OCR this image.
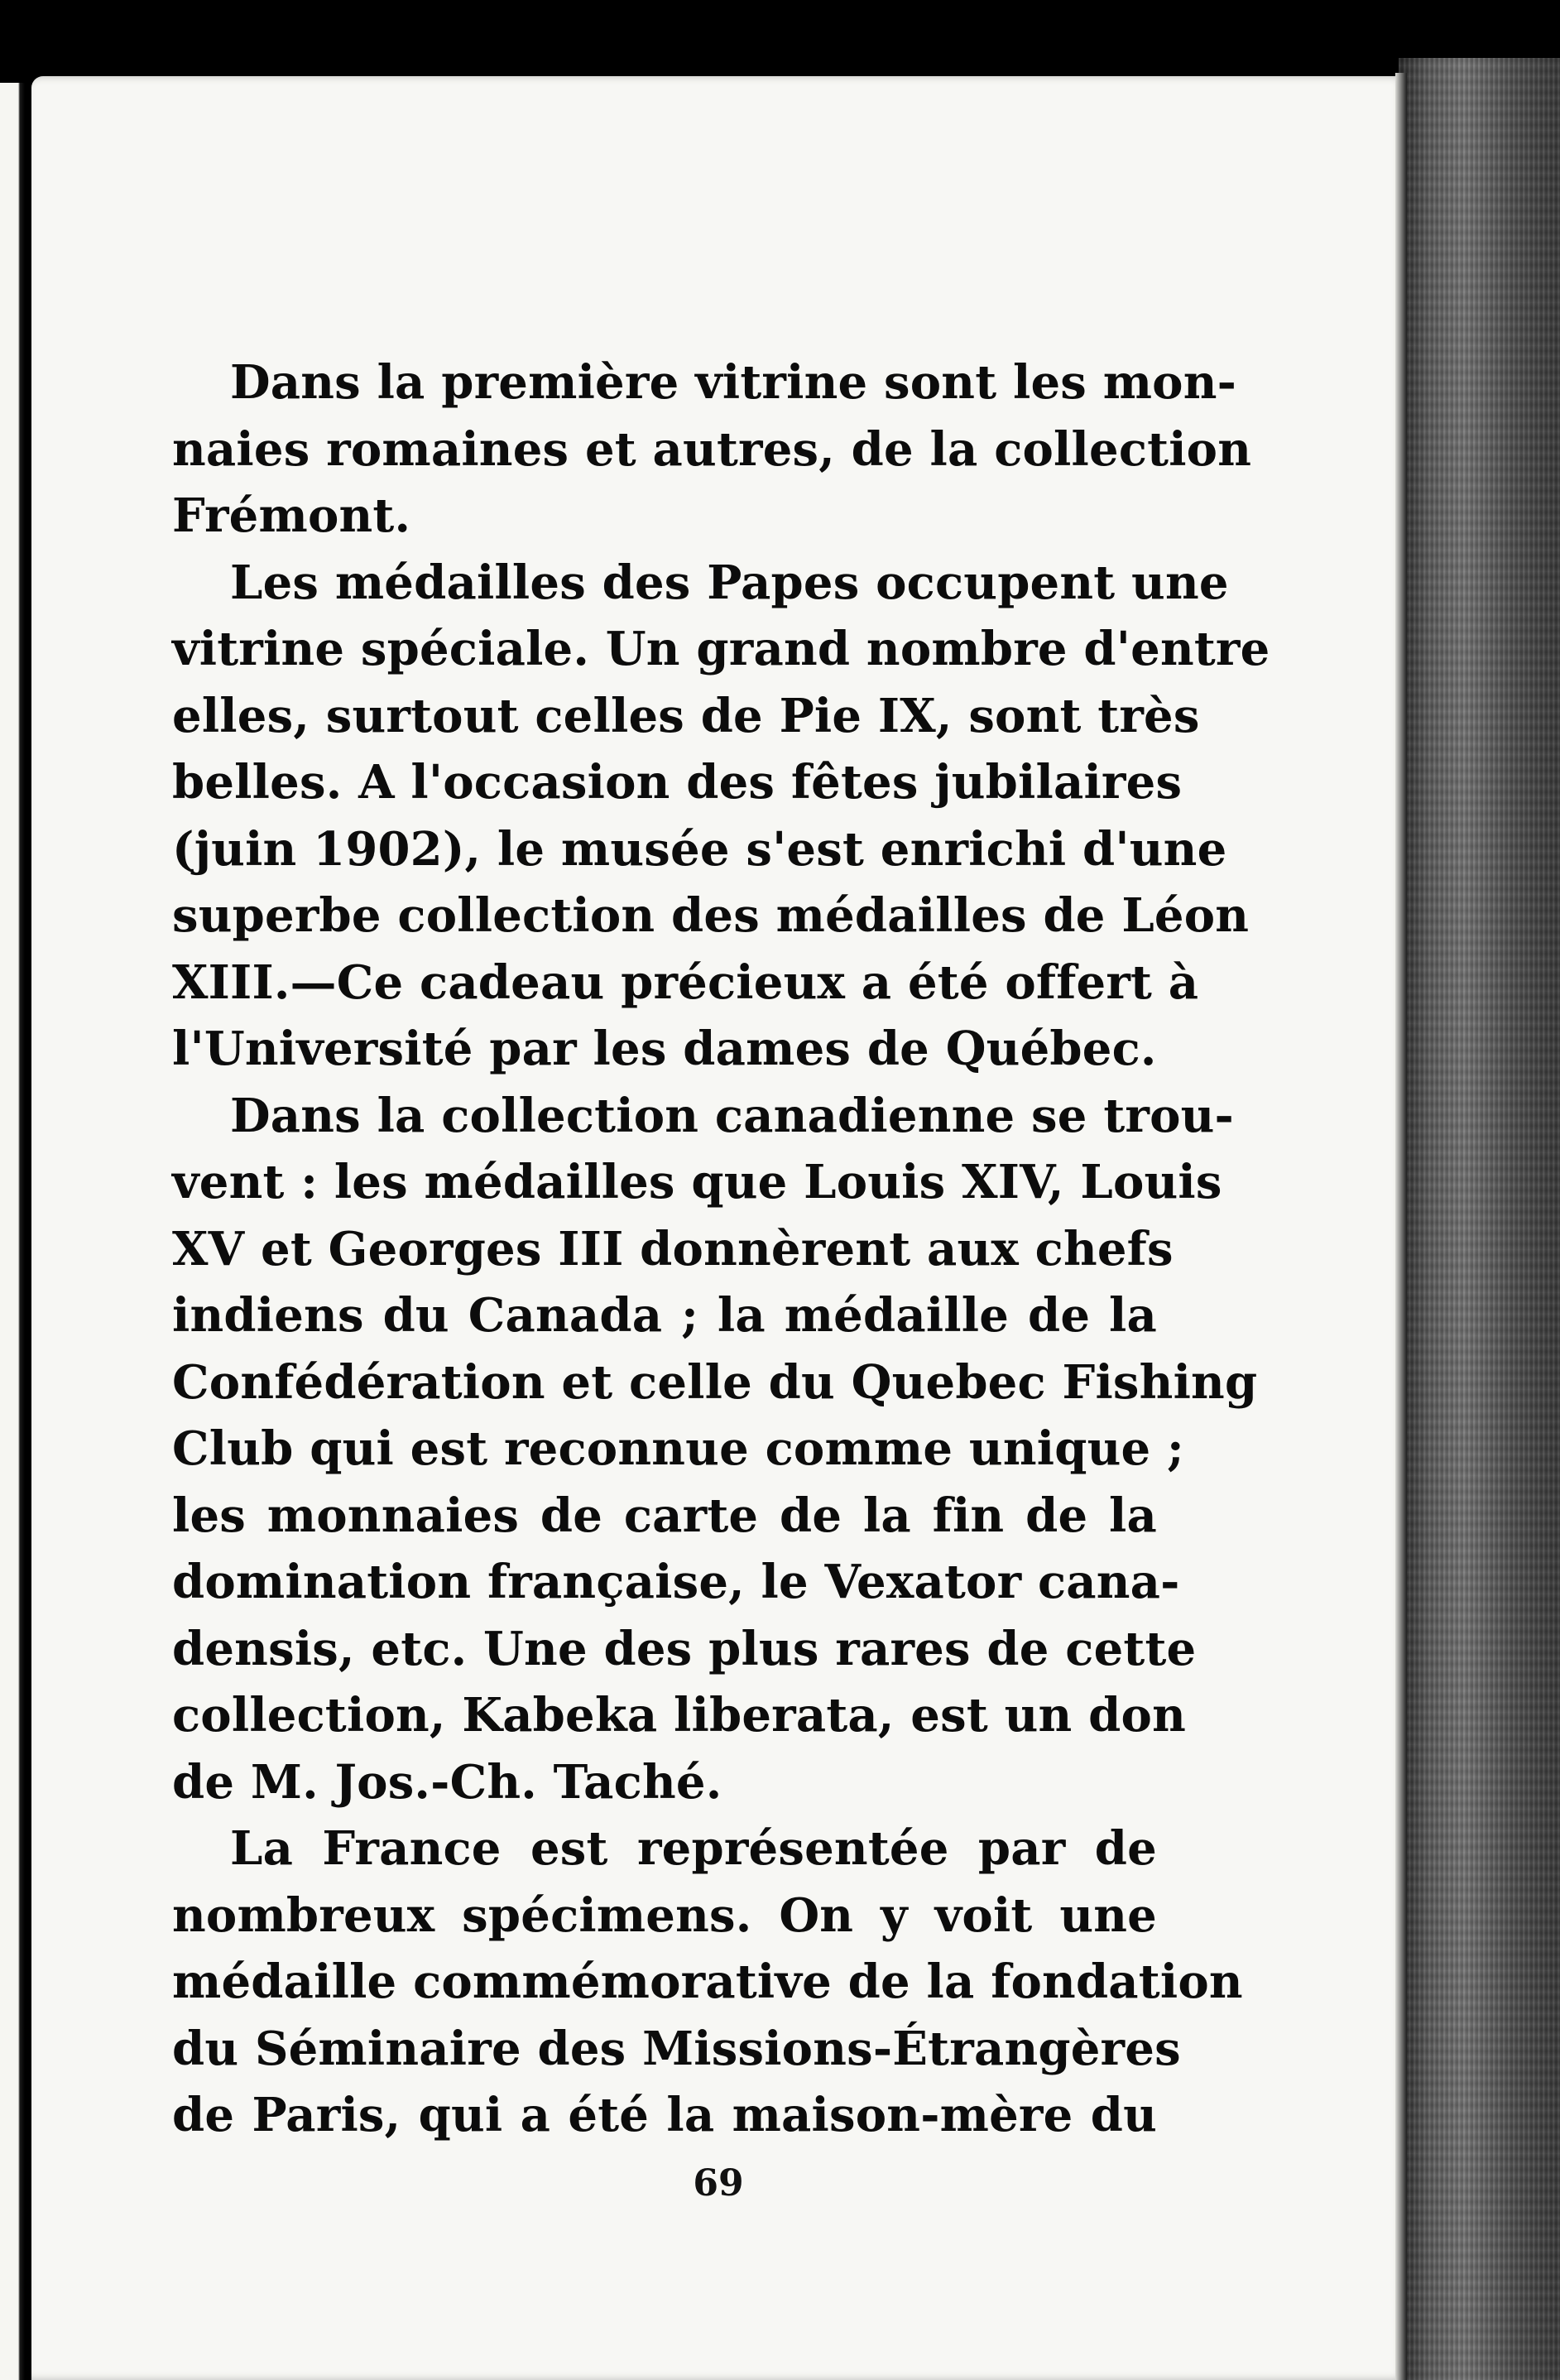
Dans la première vitrine sont les mon-
naies romaines et autres, de la collection
Frémont.
Les médailles des Papes occupent une
vitrine spéciale. Un grand nombre d'entre
elles, surtout celles de Pie IX, sont très
belles. A l'occasion des fêtes jubilaires
(juin 1902), le musée s'est enrichi d'une
superbe collection des médailles de Léon
XIII.—Ce cadeau précieux a été offert à
l'Université par les dames de Québec.
Dans la collection canadienne se trou-
vent : les médailles que Louis XIV, Louis
XV et Georges III donnèrent aux chefs
indiens du Canada ; la médaille de la
Confédération et celle du Quebec Fishing
Club qui est reconnue comme unique ;
les monnaies de carte de la fin de la
domination française, le Vexator cana-
densis, etc. Une des plus rares de cette
collection, Kabeka liberata, est un don
de M. Jos.-Ch. Taché.
La France est représentée par de
nombreux spécimens. On y voit une
médaille commémorative de la fondation
du Séminaire des Missions-Étrangères
de Paris, qui a été la maison-mère du
69
